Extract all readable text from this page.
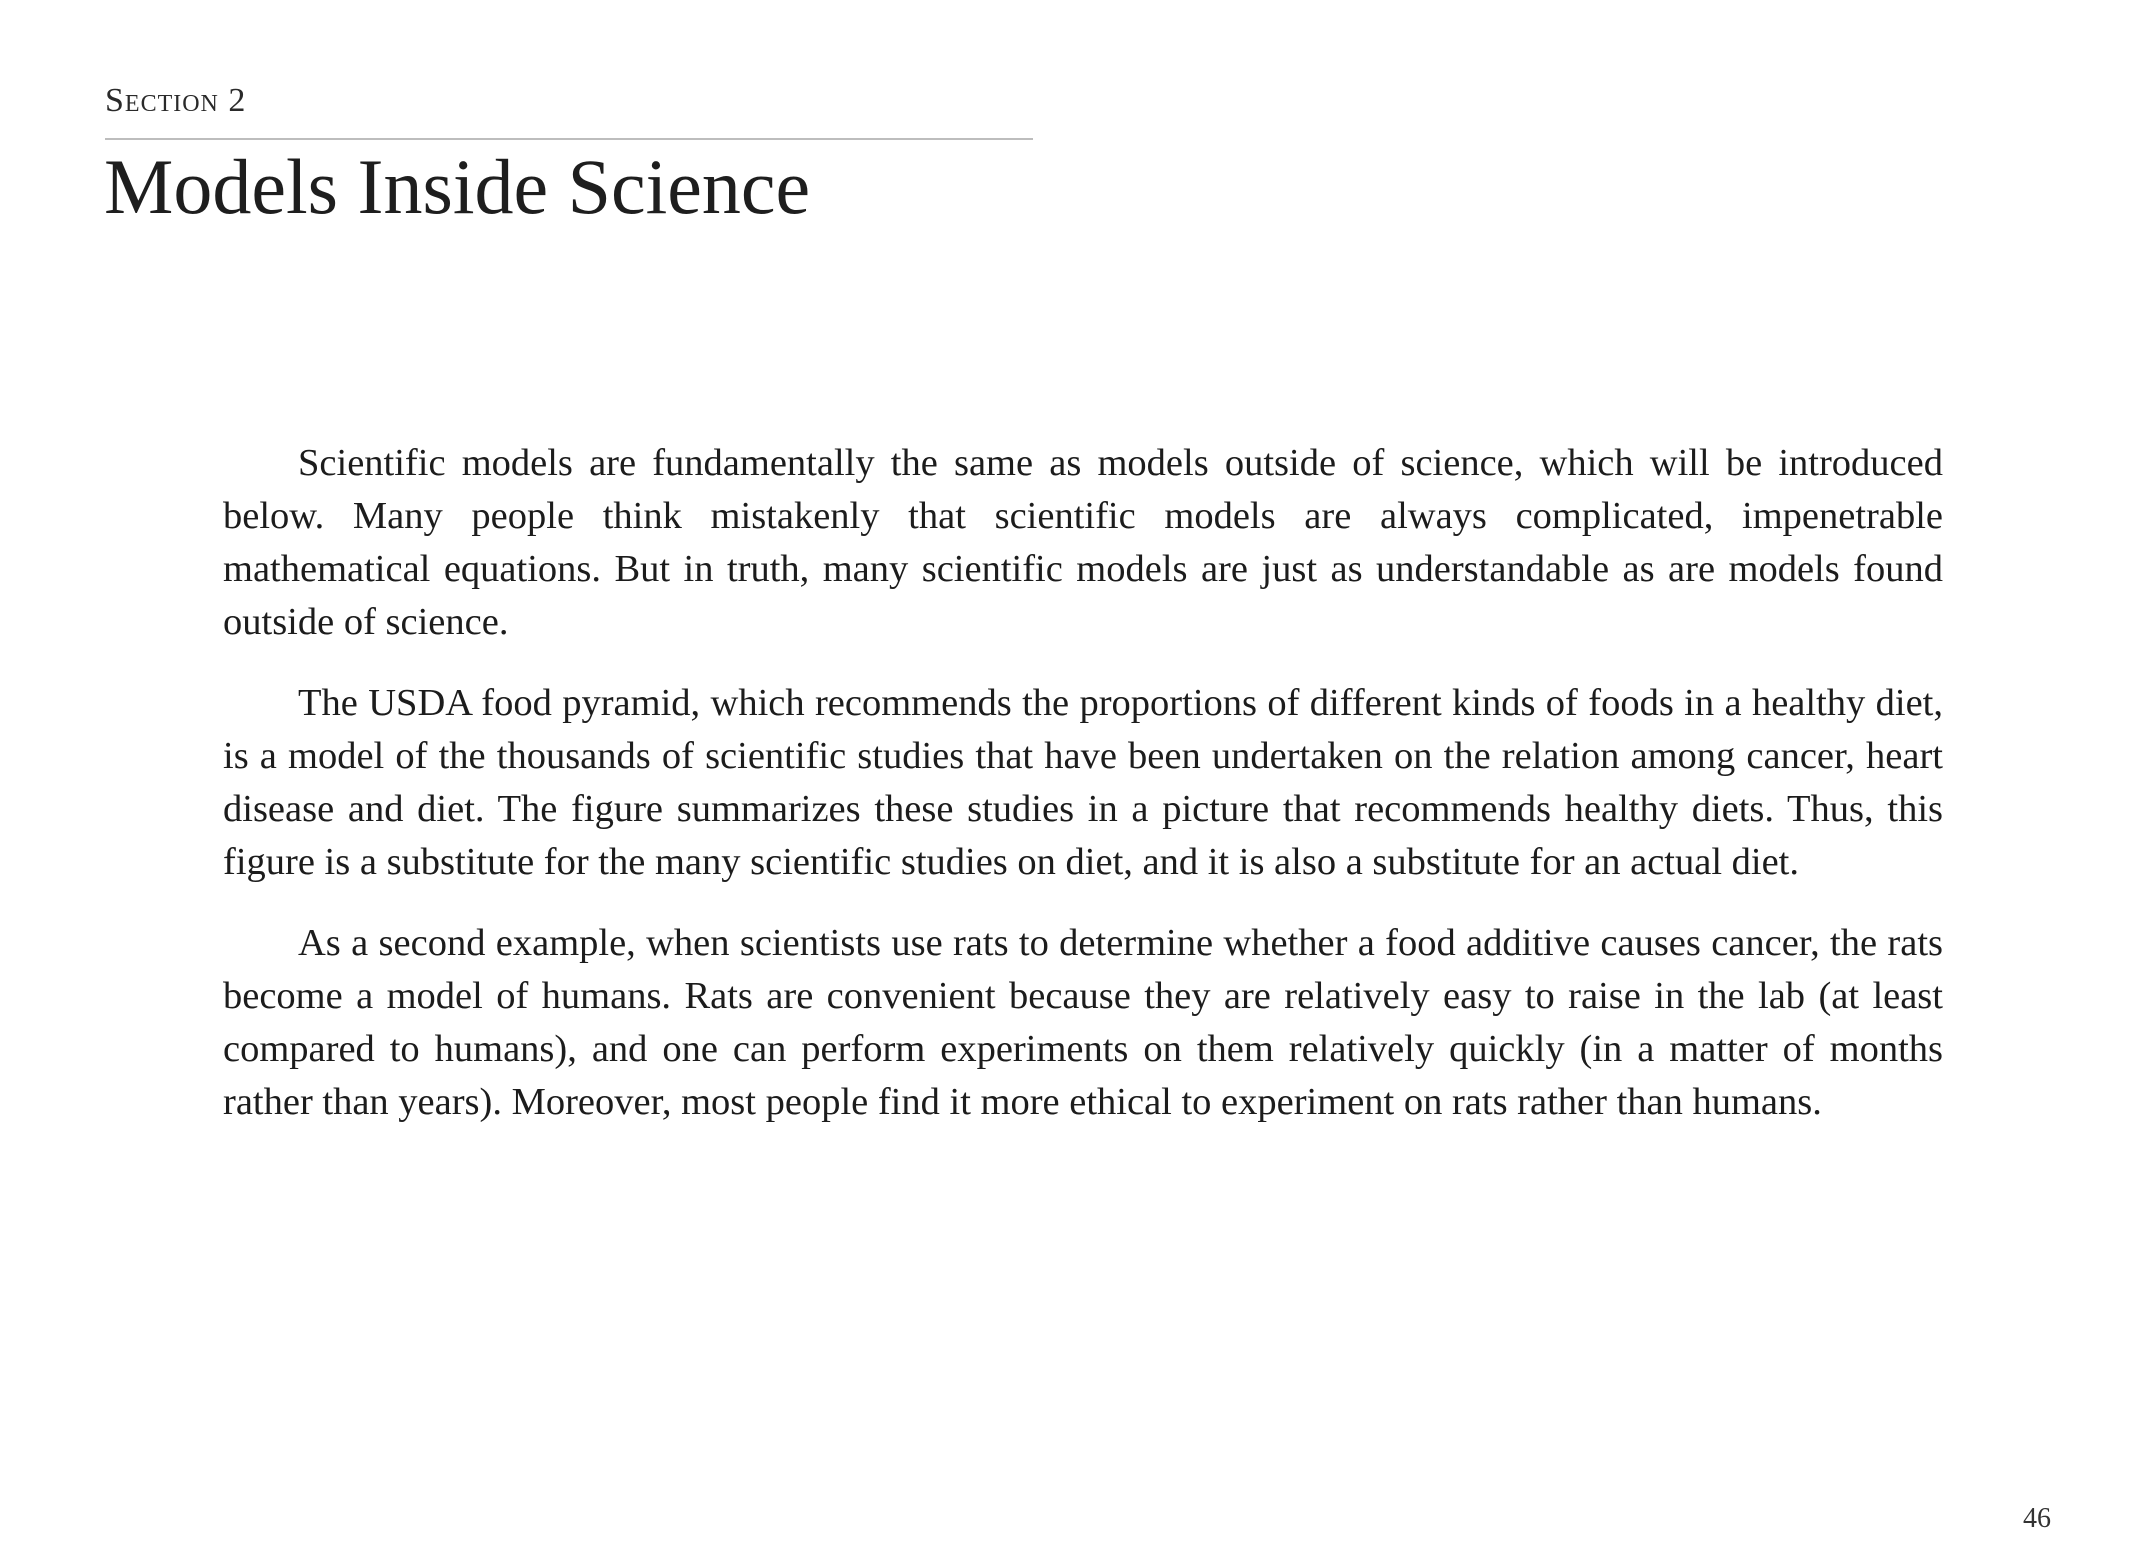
Section 2
Models Inside Science

Scientific models are fundamentally the same as models outside of science, which will be introduced below. Many people think mistakenly that scientific models are always complicated, impenetrable mathematical equations. But in truth, many scientific models are just as understandable as are models found outside of science.

The USDA food pyramid, which recommends the proportions of different kinds of foods in a healthy diet, is a model of the thousands of scientific studies that have been undertaken on the relation among cancer, heart disease and diet. The figure summarizes these studies in a picture that recommends healthy diets. Thus, this figure is a substitute for the many scientific studies on diet, and it is also a substitute for an actual diet.

As a second example, when scientists use rats to determine whether a food additive causes cancer, the rats become a model of humans. Rats are convenient because they are relatively easy to raise in the lab (at least compared to humans), and one can perform experiments on them relatively quickly (in a matter of months rather than years). Moreover, most people find it more ethical to experiment on rats rather than humans.

46
